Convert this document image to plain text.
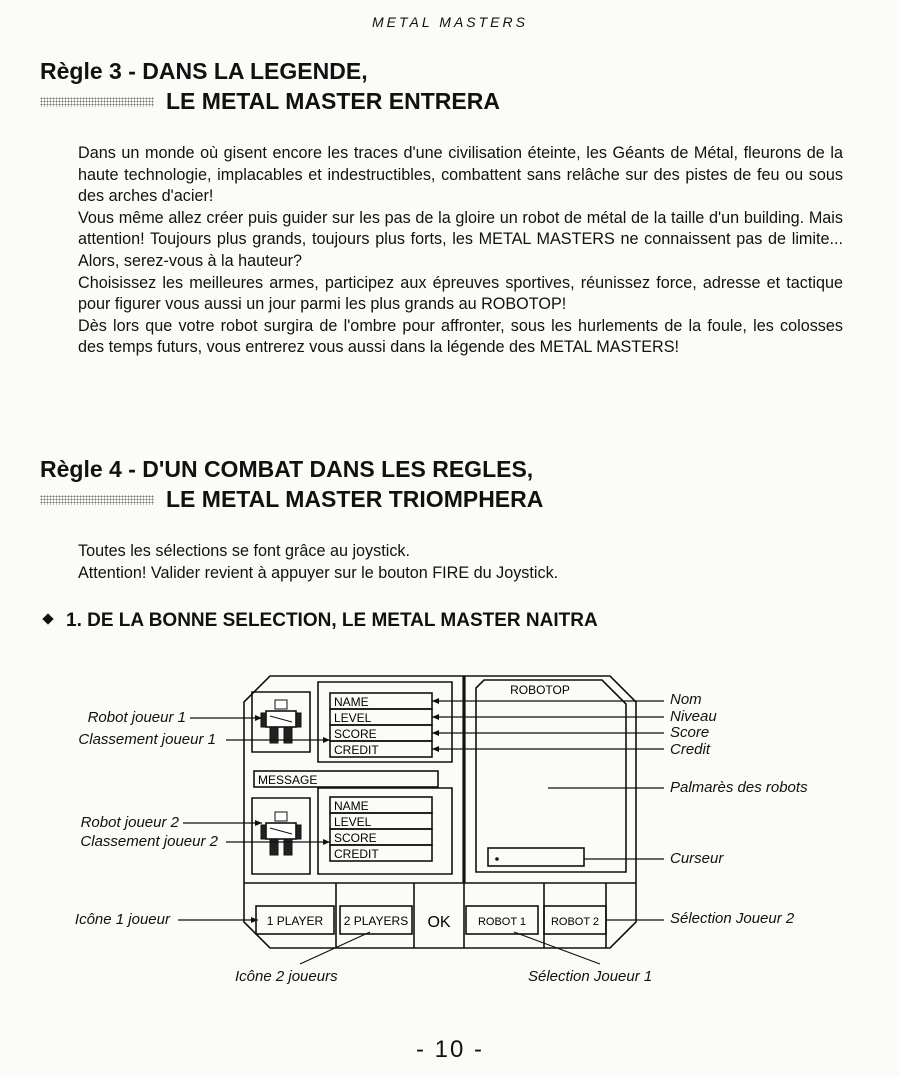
METAL MASTERS
Règle 3 - DANS LA LEGENDE,
LE METAL MASTER ENTRERA

Dans un monde où gisent encore les traces d'une civilisation éteinte, les Géants de Métal, fleurons de la haute technologie, implacables et indestructibles, combattent sans relâche sur des pistes de feu ou sous des arches d'acier!

Vous même allez créer puis guider sur les pas de la gloire un robot de métal de la taille d'un building. Mais attention! Toujours plus grands, toujours plus forts, les METAL MASTERS ne connaissent pas de limite... Alors, serez-vous à la hauteur?

Choisissez les meilleures armes, participez aux épreuves sportives, réunissez force, adresse et tactique pour figurer vous aussi un jour parmi les plus grands au ROBOTOP!

Dès lors que votre robot surgira de l'ombre pour affronter, sous les hurlements de la foule, les colosses des temps futurs, vous entrerez vous aussi dans la légende des METAL MASTERS!

Règle 4 - D'UN COMBAT DANS LES REGLES,
LE METAL MASTER TRIOMPHERA

Toutes les sélections se font grâce au joystick.

Attention! Valider revient à appuyer sur le bouton FIRE du Joystick.

1. DE LA BONNE SELECTION, LE METAL MASTER NAITRA
NAME
LEVEL
SCORE
CREDIT
MESSAGE
NAME
LEVEL
SCORE
CREDIT
ROBOTOP
1 PLAYER 2 PLAYERS OK ROBOT 1 ROBOT 2
Robot joueur 1
Classement joueur 1
Robot joueur 2
Classement joueur 2
Icône 1 joueur
Nom
Niveau
Score
Credit
Palmarès des robots
Curseur
Sélection Joueur 2
Icône 2 joueurs	Sélection Joueur 1
- 10 -
